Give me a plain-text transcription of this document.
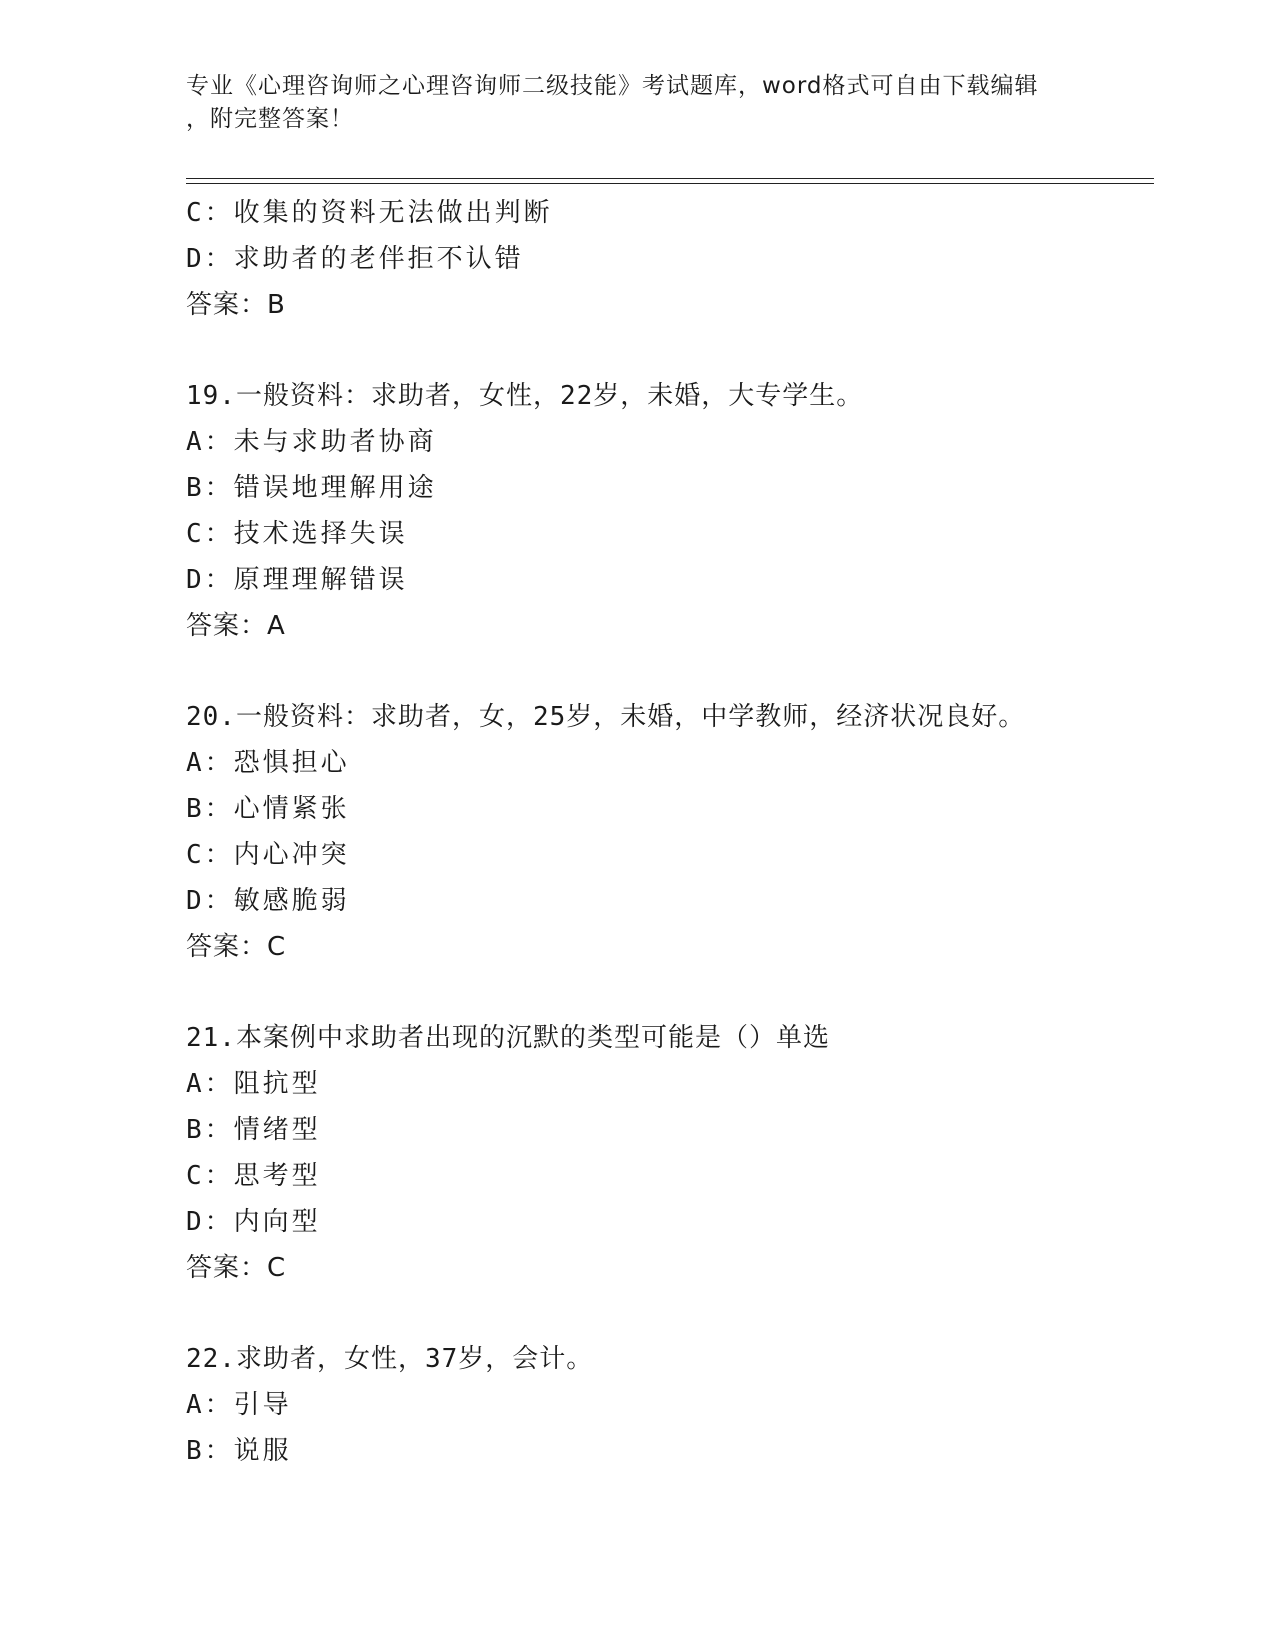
专业《心理咨询师之心理咨询师二级技能》考试题库，word格式可自由下载编辑
，附完整答案！
C：收集的资料无法做出判断
D：求助者的老伴拒不认错
答案：B
19.一般资料：求助者，女性，22岁，未婚，大专学生。
A：未与求助者协商
B：错误地理解用途
C：技术选择失误
D：原理理解错误
答案：A
20.一般资料：求助者，女，25岁，未婚，中学教师，经济状况良好。
A：恐惧担心
B：心情紧张
C：内心冲突
D：敏感脆弱
答案：C
21.本案例中求助者出现的沉默的类型可能是（）单选
A：阻抗型
B：情绪型
C：思考型
D：内向型
答案：C
22.求助者，女性，37岁，会计。
A：引导
B：说服
